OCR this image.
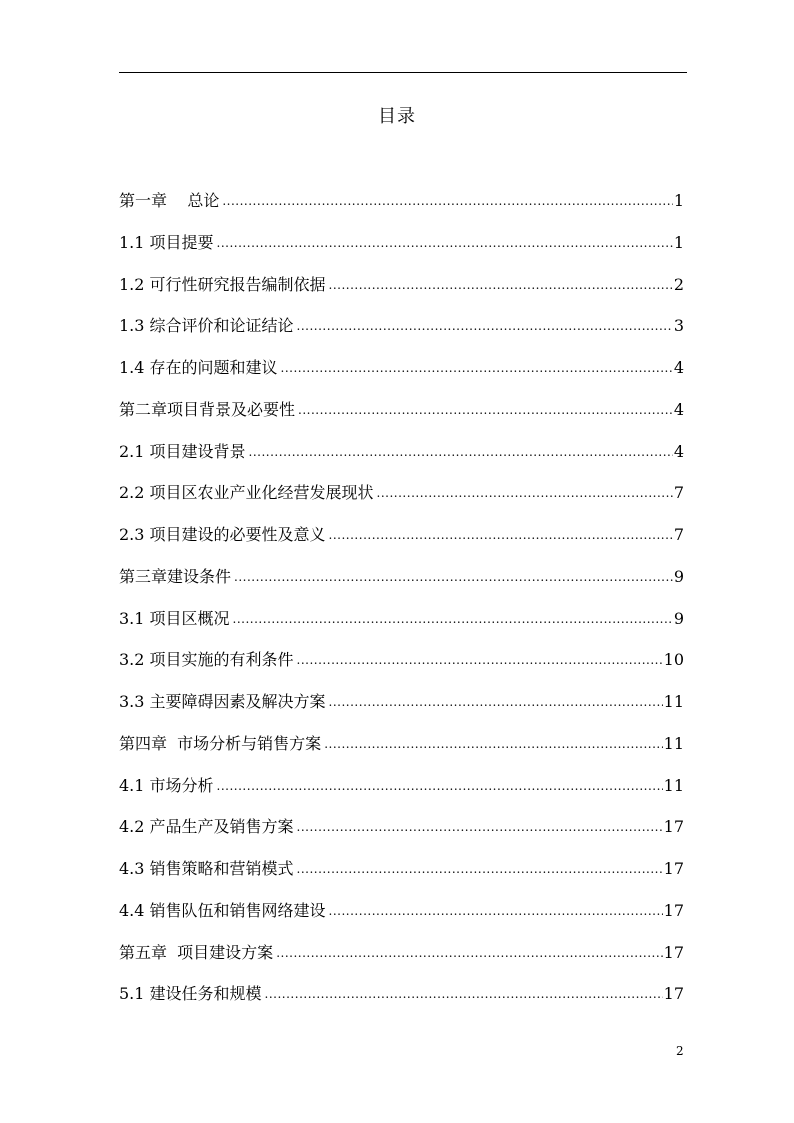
目录
第一章    总论 .....	1
1.1 项目提要 .....	1
1.2 可行性研究报告编制依据 .....	2
1.3 综合评价和论证结论 .....	3
1.4 存在的问题和建议 .....	4
第二章项目背景及必要性 .....	4
2.1 项目建设背景 .....	4
2.2 项目区农业产业化经营发展现状 .....	7
2.3 项目建设的必要性及意义 .....	7
第三章建设条件 .....	9
3.1 项目区概况 .....	9
3.2 项目实施的有利条件 .....	10
3.3 主要障碍因素及解决方案 .....	11
第四章  市场分析与销售方案 .....	11
4.1 市场分析 .....	11
4.2 产品生产及销售方案 .....	17
4.3 销售策略和营销模式 .....	17
4.4 销售队伍和销售网络建设 .....	17
第五章  项目建设方案 .....	17
5.1 建设任务和规模 .....	17
2
